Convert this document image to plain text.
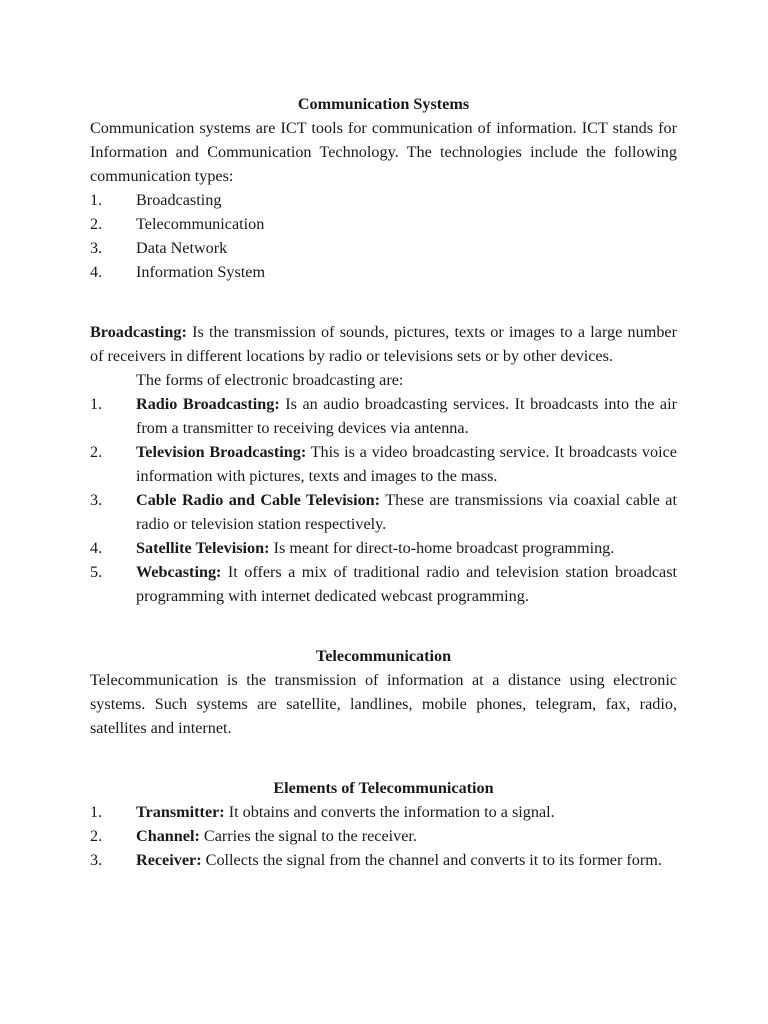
Communication Systems

Communication systems are ICT tools for communication of information. ICT stands for Information and Communication Technology. The technologies include the following communication types:

1.	Broadcasting
2.	Telecommunication
3.	Data Network
4.	Information System

Broadcasting: Is the transmission of sounds, pictures, texts or images to a large number of receivers in different locations by radio or televisions sets or by other devices.

The forms of electronic broadcasting are:

1.	Radio Broadcasting: Is an audio broadcasting services. It broadcasts into the air from a transmitter to receiving devices via antenna.
2.	Television Broadcasting: This is a video broadcasting service. It broadcasts voice information with pictures, texts and images to the mass.
3.	Cable Radio and Cable Television: These are transmissions via coaxial cable at radio or television station respectively.
4.	Satellite Television: Is meant for direct-to-home broadcast programming.
5.	Webcasting: It offers a mix of traditional radio and television station broadcast programming with internet dedicated webcast programming.

Telecommunication

Telecommunication is the transmission of information at a distance using electronic systems. Such systems are satellite, landlines, mobile phones, telegram, fax, radio, satellites and internet.

Elements of Telecommunication

1. Transmitter: It obtains and converts the information to a signal.

2. Channel: Carries the signal to the receiver.

3. Receiver: Collects the signal from the channel and converts it to its former form.
